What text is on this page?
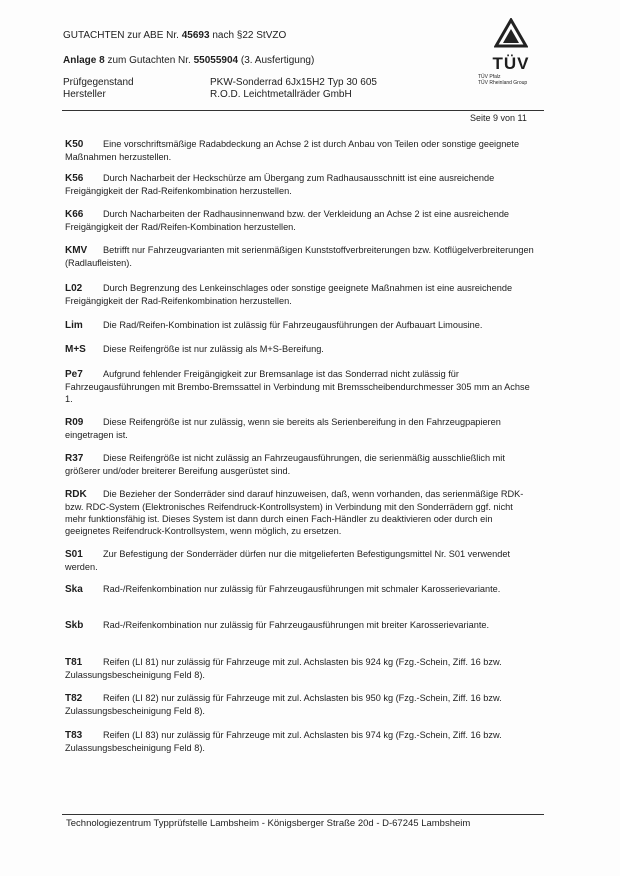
GUTACHTEN zur ABE Nr. 45693 nach §22 StVZO
Anlage 8 zum Gutachten Nr. 55055904 (3. Ausfertigung)
Prüfgegenstand	PKW-Sonderrad 6Jx15H2 Typ 30 605
Hersteller	R.O.D. Leichtmetallräder GmbH
TÜV
TÜV Pfalz
TÜV Rheinland Group
Seite 9 von 11
K50 Eine vorschriftsmäßige Radabdeckung an Achse 2 ist durch Anbau von Teilen oder sonstige geeignete Maßnahmen herzustellen.
K56 Durch Nacharbeit der Heckschürze am Übergang zum Radhausausschnitt ist eine ausreichende Freigängigkeit der Rad-Reifenkombination herzustellen.
K66 Durch Nacharbeiten der Radhausinnenwand bzw. der Verkleidung an Achse 2 ist eine ausreichende Freigängigkeit der Rad/Reifen-Kombination herzustellen.
KMV Betrifft nur Fahrzeugvarianten mit serienmäßigen Kunststoffverbreiterungen bzw. Kotflügelverbreiterungen (Radlaufleisten).
L02 Durch Begrenzung des Lenkeinschlages oder sonstige geeignete Maßnahmen ist eine ausreichende Freigängigkeit der Rad-Reifenkombination herzustellen.
Lim Die Rad/Reifen-Kombination ist zulässig für Fahrzeugausführungen der Aufbauart Limousine.
M+S Diese Reifengröße ist nur zulässig als M+S-Bereifung.
Pe7 Aufgrund fehlender Freigängigkeit zur Bremsanlage ist das Sonderrad nicht zulässig für Fahrzeugausführungen mit Brembo-Bremssattel in Verbindung mit Bremsscheibendurchmesser 305 mm an Achse 1.
R09 Diese Reifengröße ist nur zulässig, wenn sie bereits als Serienbereifung in den Fahrzeugpapieren eingetragen ist.
R37 Diese Reifengröße ist nicht zulässig an Fahrzeugausführungen, die serienmäßig ausschließlich mit größerer und/oder breiterer Bereifung ausgerüstet sind.
RDK Die Bezieher der Sonderräder sind darauf hinzuweisen, daß, wenn vorhanden, das serienmäßige RDK- bzw. RDC-System (Elektronisches Reifendruck-Kontrollsystem) in Verbindung mit den Sonderrädern ggf. nicht mehr funktionsfähig ist. Dieses System ist dann durch einen Fach-Händler zu deaktivieren oder durch ein geeignetes Reifendruck-Kontrollsystem, wenn möglich, zu ersetzen.
S01 Zur Befestigung der Sonderräder dürfen nur die mitgelieferten Befestigungsmittel Nr. S01 verwendet werden.
Ska Rad-/Reifenkombination nur zulässig für Fahrzeugausführungen mit schmaler Karosserievariante.
Skb Rad-/Reifenkombination nur zulässig für Fahrzeugausführungen mit breiter Karosserievariante.
T81 Reifen (LI 81) nur zulässig für Fahrzeuge mit zul. Achslasten bis 924 kg (Fzg.-Schein, Ziff. 16 bzw. Zulassungsbescheinigung Feld 8).
T82 Reifen (LI 82) nur zulässig für Fahrzeuge mit zul. Achslasten bis 950 kg (Fzg.-Schein, Ziff. 16 bzw. Zulassungsbescheinigung Feld 8).
T83 Reifen (LI 83) nur zulässig für Fahrzeuge mit zul. Achslasten bis 974 kg (Fzg.-Schein, Ziff. 16 bzw. Zulassungsbescheinigung Feld 8).
Technologiezentrum Typprüfstelle Lambsheim - Königsberger Straße 20d - D-67245 Lambsheim
